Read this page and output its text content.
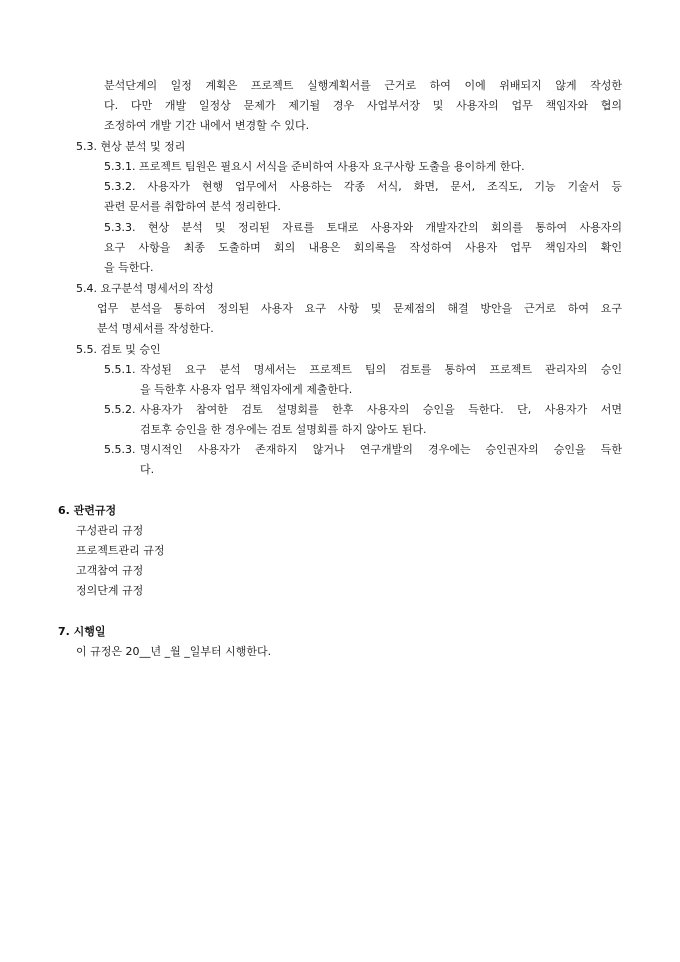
분석단계의 일정 계획은 프로젝트 실행계획서를 근거로 하여 이에 위배되지 않게 작성한
다. 다만 개발 일정상 문제가 제기될 경우 사업부서장 및 사용자의 업무 책임자와 협의
조정하여 개발 기간 내에서 변경할 수 있다.
5.3. 현상 분석 및 정리
5.3.1. 프로젝트 팀원은 필요시 서식을 준비하여 사용자 요구사항 도출을 용이하게 한다.
5.3.2. 사용자가 현행 업무에서 사용하는 각종 서식, 화면, 문서, 조직도, 기능 기술서 등
관련 문서를 취합하여 분석 정리한다.
5.3.3. 현상 분석 및 정리된 자료를 토대로 사용자와 개발자간의 회의를 통하여 사용자의
요구 사항을 최종 도출하며 회의 내용은 회의록을 작성하여 사용자 업무 책임자의 확인
을 득한다.
5.4. 요구분석 명세서의 작성
업무 분석을 통하여 정의된 사용자 요구 사항 및 문제점의 해결 방안을 근거로 하여 요구
분석 명세서를 작성한다.
5.5. 검토 및 승인
5.5.1. 작성된 요구 분석 명세서는 프로젝트 팀의 검토를 통하여 프로젝트 관리자의 승인
을 득한후 사용자 업무 책임자에게 제출한다.
5.5.2. 사용자가 참여한 검토 설명회를 한후 사용자의 승인을 득한다. 단, 사용자가 서면
검토후 승인을 한 경우에는 검토 설명회를 하지 않아도 된다.
5.5.3. 명시적인 사용자가 존재하지 않거나 연구개발의 경우에는 승인권자의 승인을 득한
다.
6. 관련규정
구성관리 규정
프로젝트관리 규정
고객참여 규정
정의단계 규정
7. 시행일
이 규정은 20__년 _월 _일부터 시행한다.
